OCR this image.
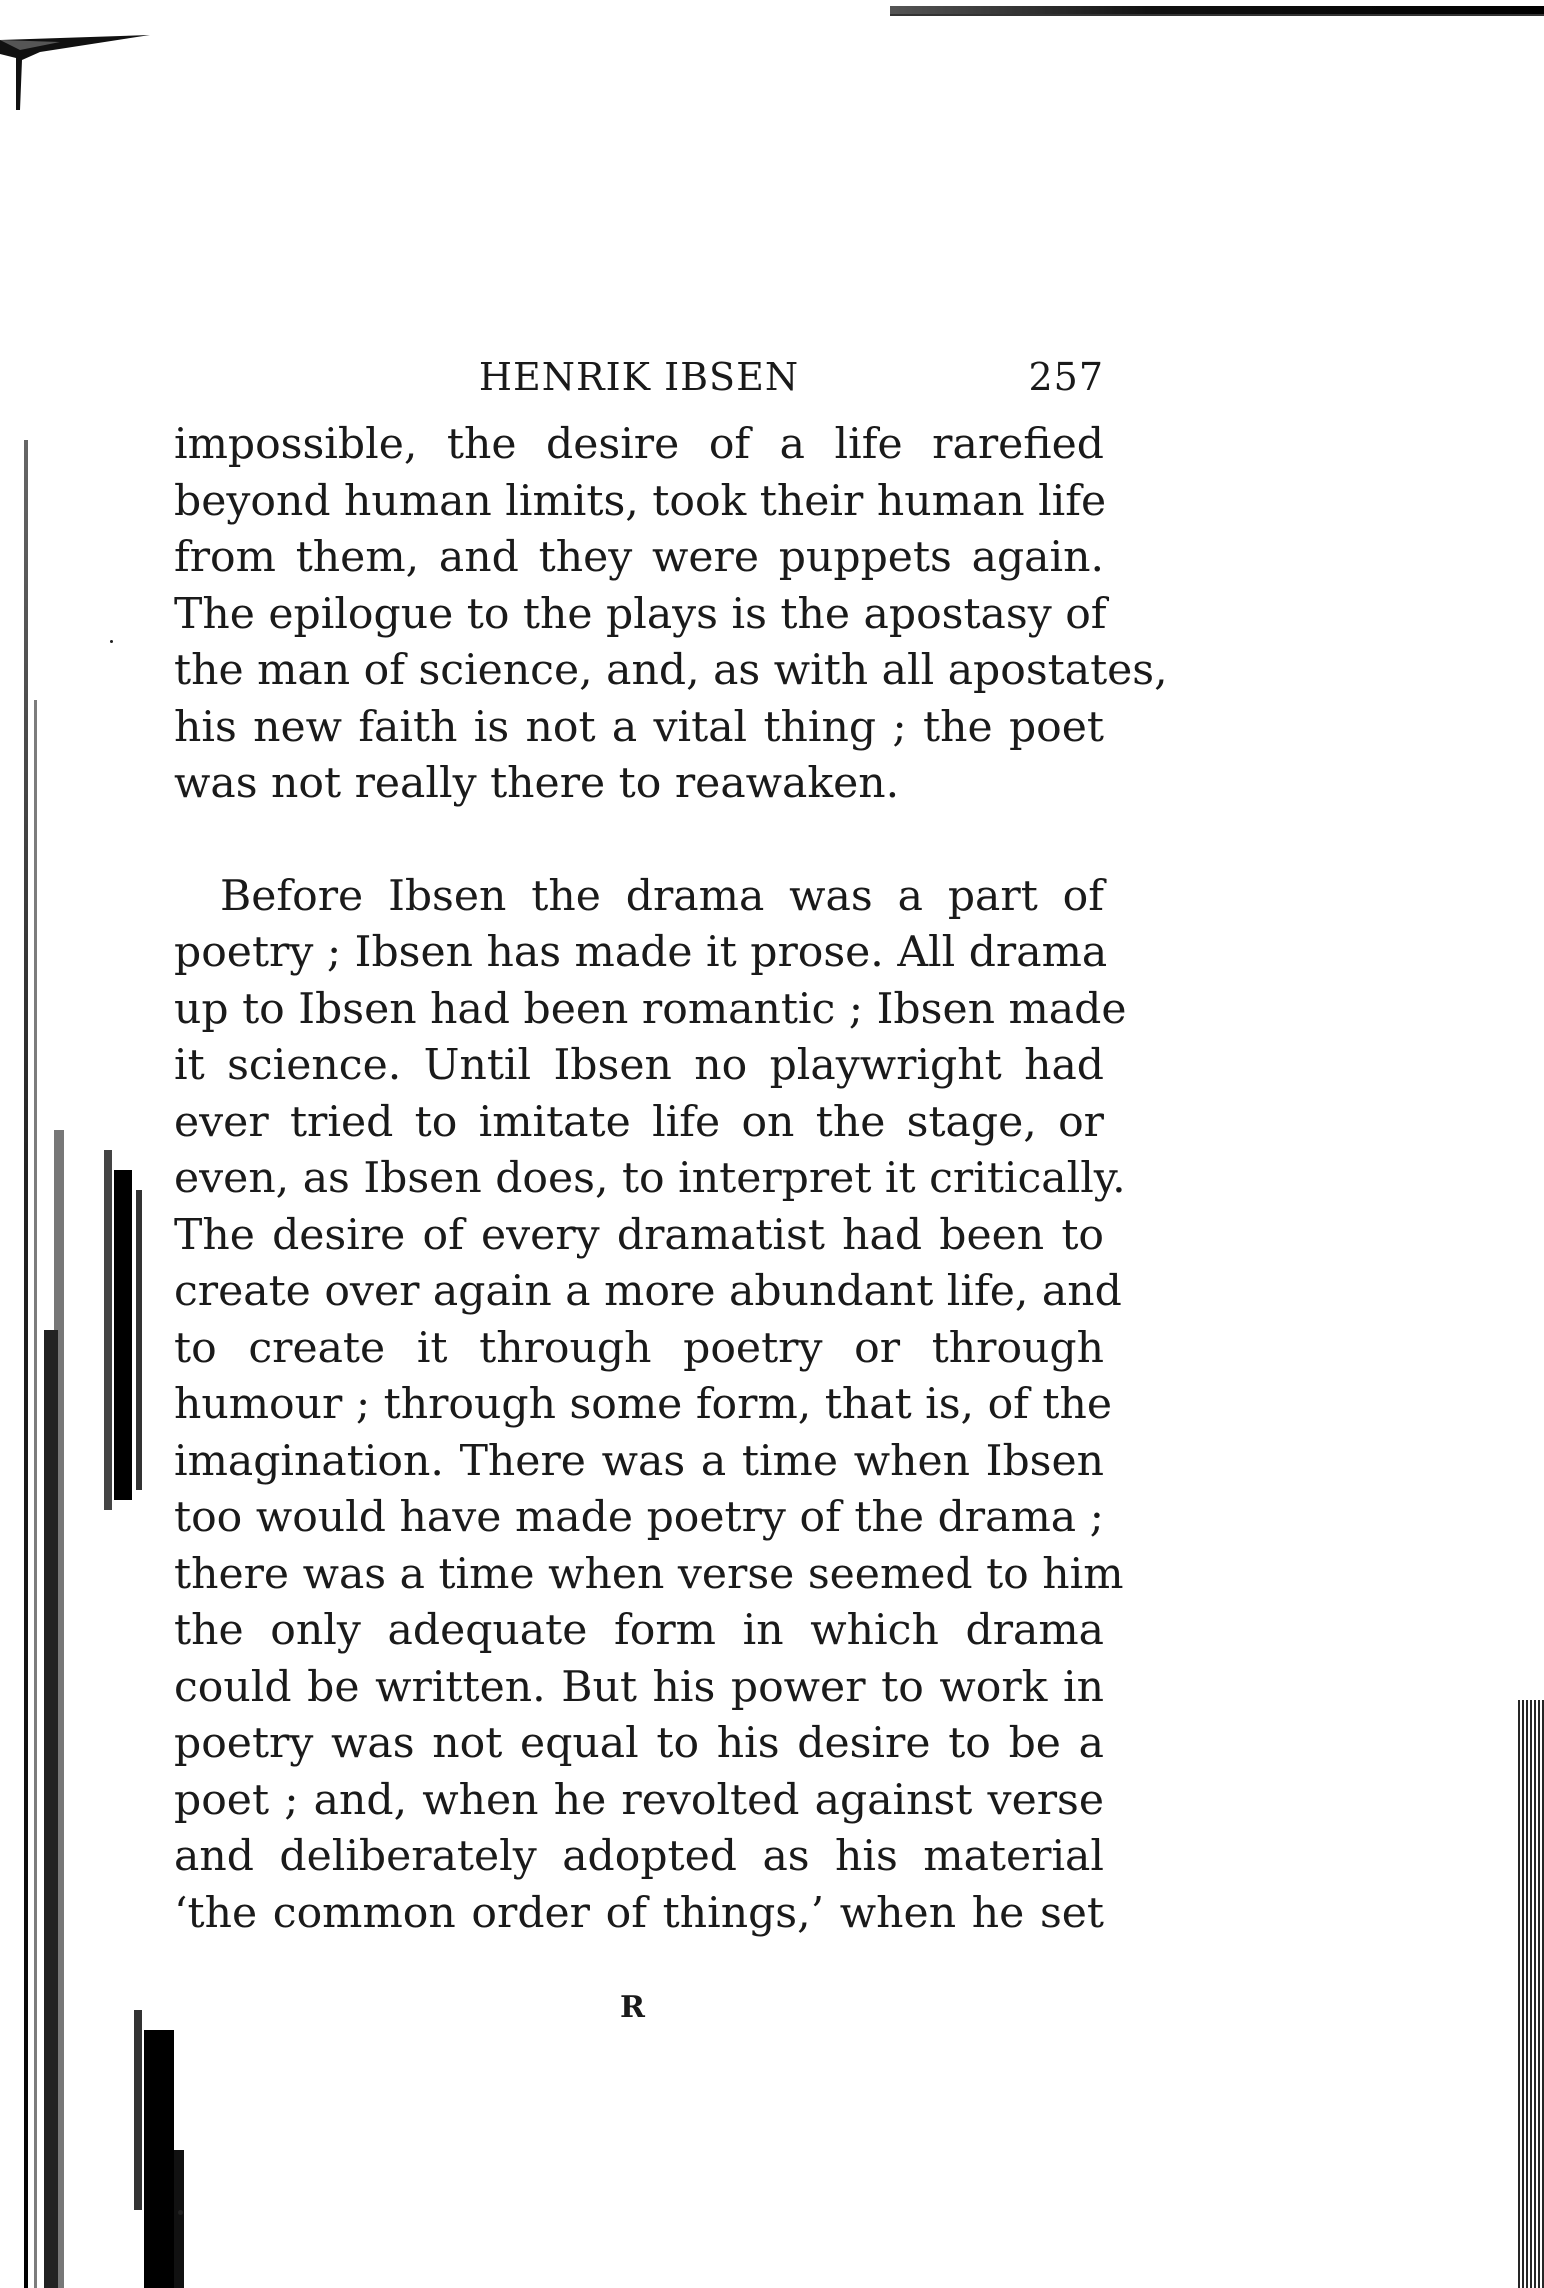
HENRIK IBSEN	257

impossible, the desire of a life rarefied
beyond human limits, took their human life
from them, and they were puppets again.
The epilogue to the plays is the apostasy of
the man of science, and, as with all apostates,
his new faith is not a vital thing ; the poet
was not really there to reawaken.

Before Ibsen the drama was a part of
poetry ; Ibsen has made it prose. All drama
up to Ibsen had been romantic ; Ibsen made
it science. Until Ibsen no playwright had
ever tried to imitate life on the stage, or
even, as Ibsen does, to interpret it critically.
The desire of every dramatist had been to
create over again a more abundant life, and
to create it through poetry or through
humour ; through some form, that is, of the
imagination. There was a time when Ibsen
too would have made poetry of the drama ;
there was a time when verse seemed to him
the only adequate form in which drama
could be written. But his power to work in
poetry was not equal to his desire to be a
poet ; and, when he revolted against verse
and deliberately adopted as his material
‘the common order of things,’ when he set

R
